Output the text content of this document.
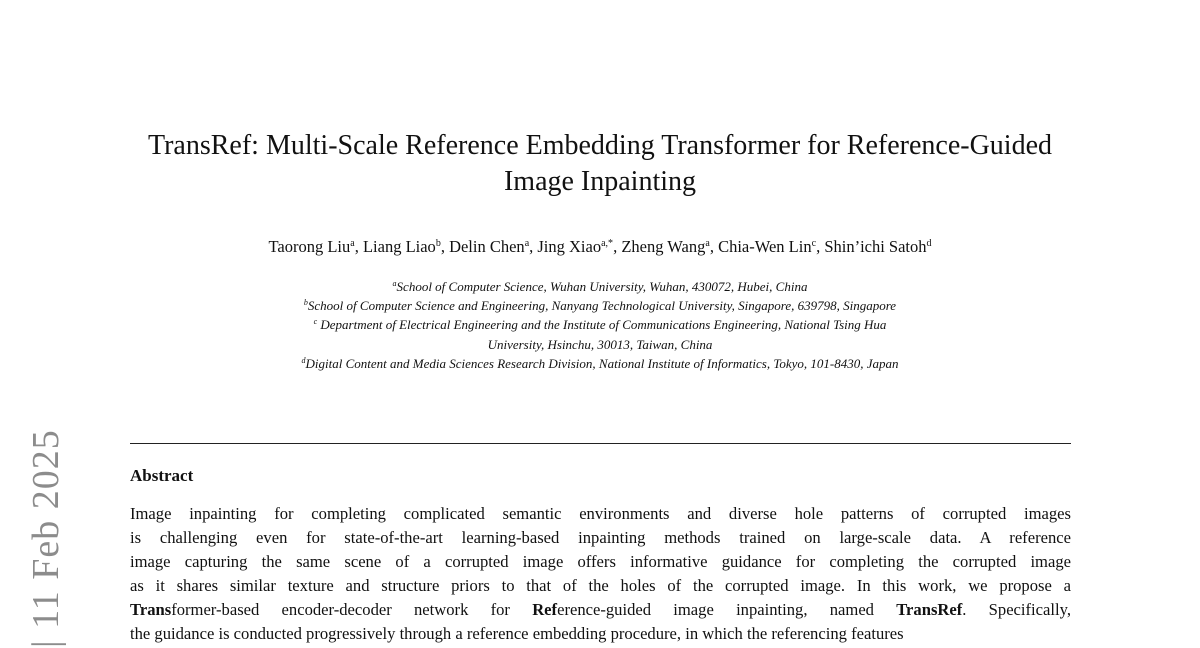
| 11 Feb 2025
TransRef: Multi-Scale Reference Embedding Transformer for Reference-Guided
Image Inpainting
Taorong Liu$^a$, Liang Liao$^b$, Delin Chen$^a$, Jing Xiao$^{a,*}$, Zheng Wang$^a$, Chia-Wen Lin$^c$, Shin’ichi Satoh$^d$
$^a$School of Computer Science, Wuhan University, Wuhan, 430072, Hubei, China
$^b$School of Computer Science and Engineering, Nanyang Technological University, Singapore, 639798, Singapore
$^c$ Department of Electrical Engineering and the Institute of Communications Engineering, National Tsing Hua
University, Hsinchu, 30013, Taiwan, China
$^d$Digital Content and Media Sciences Research Division, National Institute of Informatics, Tokyo, 101-8430, Japan
Abstract
Image inpainting for completing complicated semantic environments and diverse hole patterns of corrupted images
is challenging even for state-of-the-art learning-based inpainting methods trained on large-scale data. A reference
image capturing the same scene of a corrupted image offers informative guidance for completing the corrupted image
as it shares similar texture and structure priors to that of the holes of the corrupted image. In this work, we propose a
Transformer-based encoder-decoder network for Reference-guided image inpainting, named TransRef. Specifically,
the guidance is conducted progressively through a reference embedding procedure, in which the referencing features
